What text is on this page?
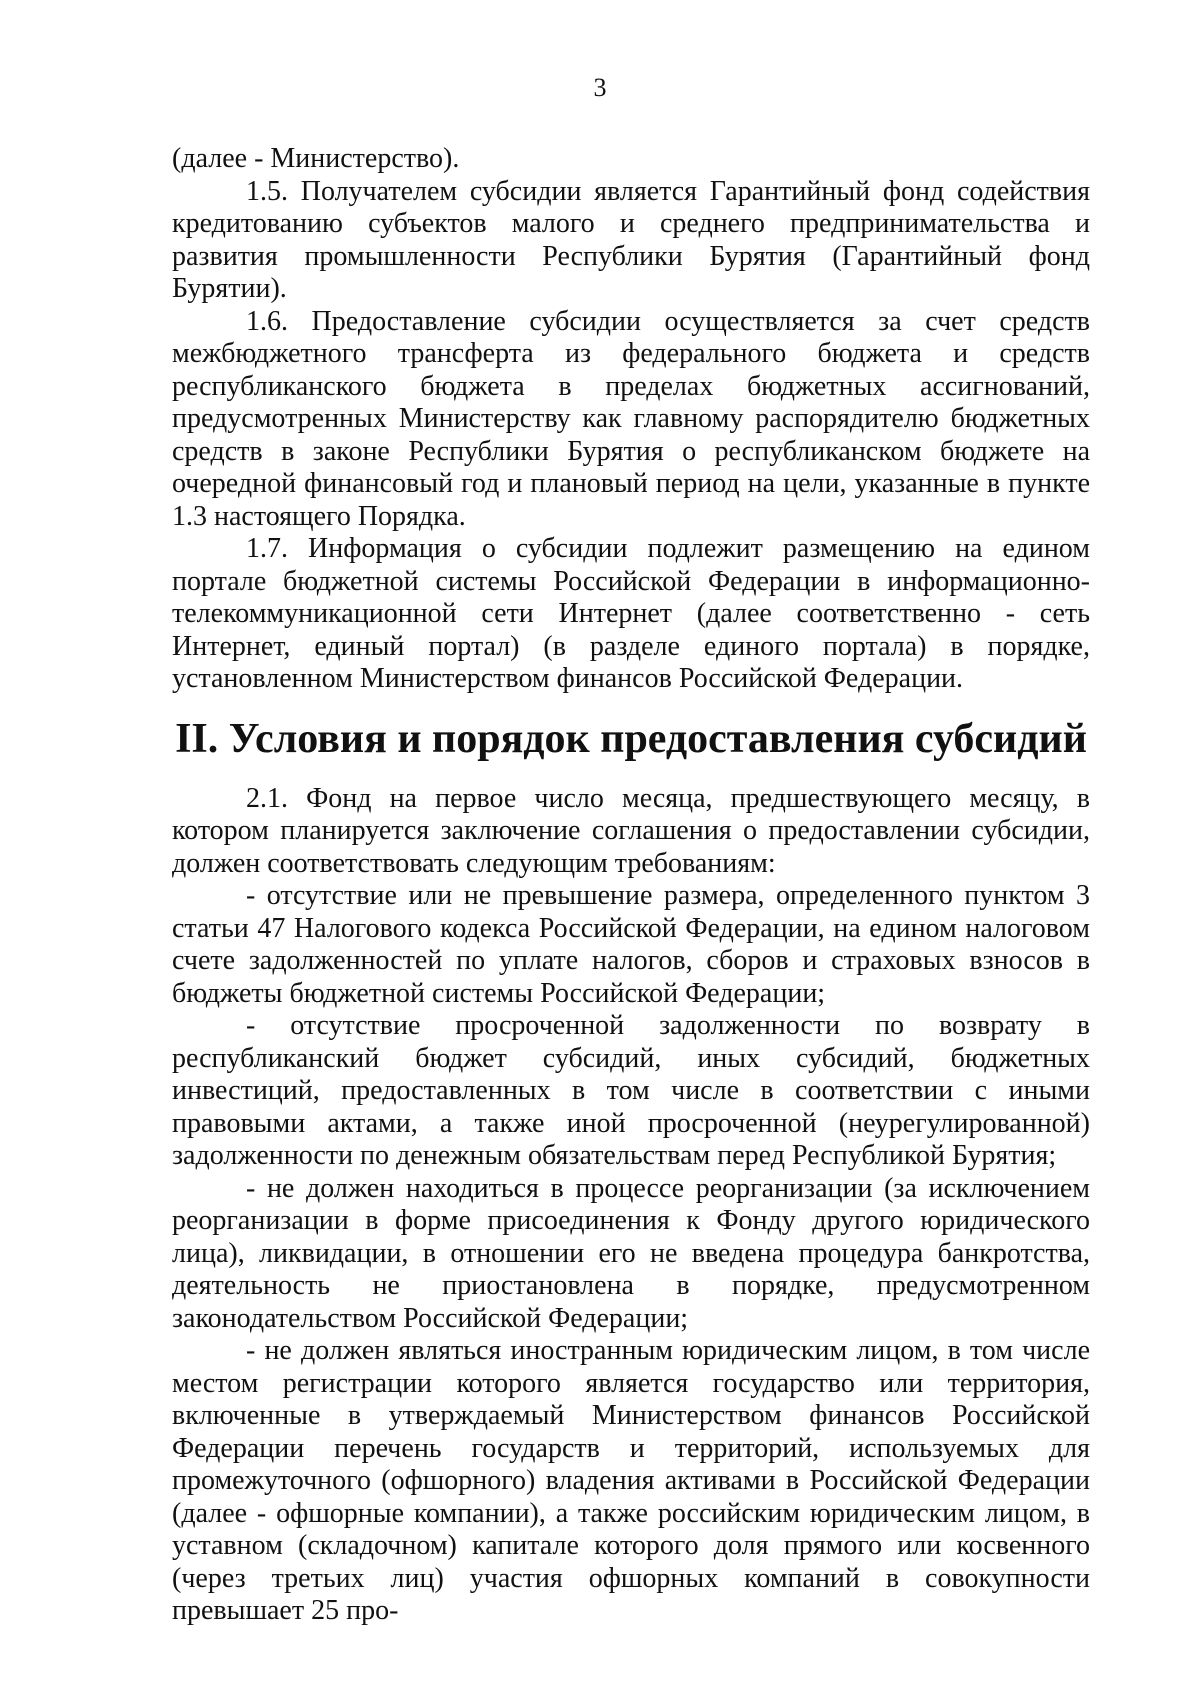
3

(далее - Министерство).

1.5. Получателем субсидии является Гарантийный фонд содействия кредитованию субъектов малого и среднего предпринимательства и развития промышленности Республики Бурятия (Гарантийный фонд Бурятии).

1.6. Предоставление субсидии осуществляется за счет средств межбюджетного трансферта из федерального бюджета и средств республиканского бюджета в пределах бюджетных ассигнований, предусмотренных Министерству как главному распорядителю бюджетных средств в законе Республики Бурятия о республиканском бюджете на очередной финансовый год и плановый период на цели, указанные в пункте 1.3 настоящего Порядка.

1.7. Информация о субсидии подлежит размещению на едином портале бюджетной системы Российской Федерации в информационно-телекоммуникационной сети Интернет (далее соответственно - сеть Интернет, единый портал) (в разделе единого портала) в порядке, установленном Министерством финансов Российской Федерации.

II. Условия и порядок предоставления субсидий

2.1. Фонд на первое число месяца, предшествующего месяцу, в котором планируется заключение соглашения о предоставлении субсидии, должен соответствовать следующим требованиям:

- отсутствие или не превышение размера, определенного пунктом 3 статьи 47 Налогового кодекса Российской Федерации, на едином налоговом счете задолженностей по уплате налогов, сборов и страховых взносов в бюджеты бюджетной системы Российской Федерации;

- отсутствие просроченной задолженности по возврату в республиканский бюджет субсидий, иных субсидий, бюджетных инвестиций, предоставленных в том числе в соответствии с иными правовыми актами, а также иной просроченной (неурегулированной) задолженности по денежным обязательствам перед Республикой Бурятия;

- не должен находиться в процессе реорганизации (за исключением реорганизации в форме присоединения к Фонду другого юридического лица), ликвидации, в отношении его не введена процедура банкротства, деятельность не приостановлена в порядке, предусмотренном законодательством Российской Федерации;

- не должен являться иностранным юридическим лицом, в том числе местом регистрации которого является государство или территория, включенные в утверждаемый Министерством финансов Российской Федерации перечень государств и территорий, используемых для промежуточного (офшорного) владения активами в Российской Федерации (далее - офшорные компании), а также российским юридическим лицом, в уставном (складочном) капитале которого доля прямого или косвенного (через третьих лиц) участия офшорных компаний в совокупности превышает 25 про-
